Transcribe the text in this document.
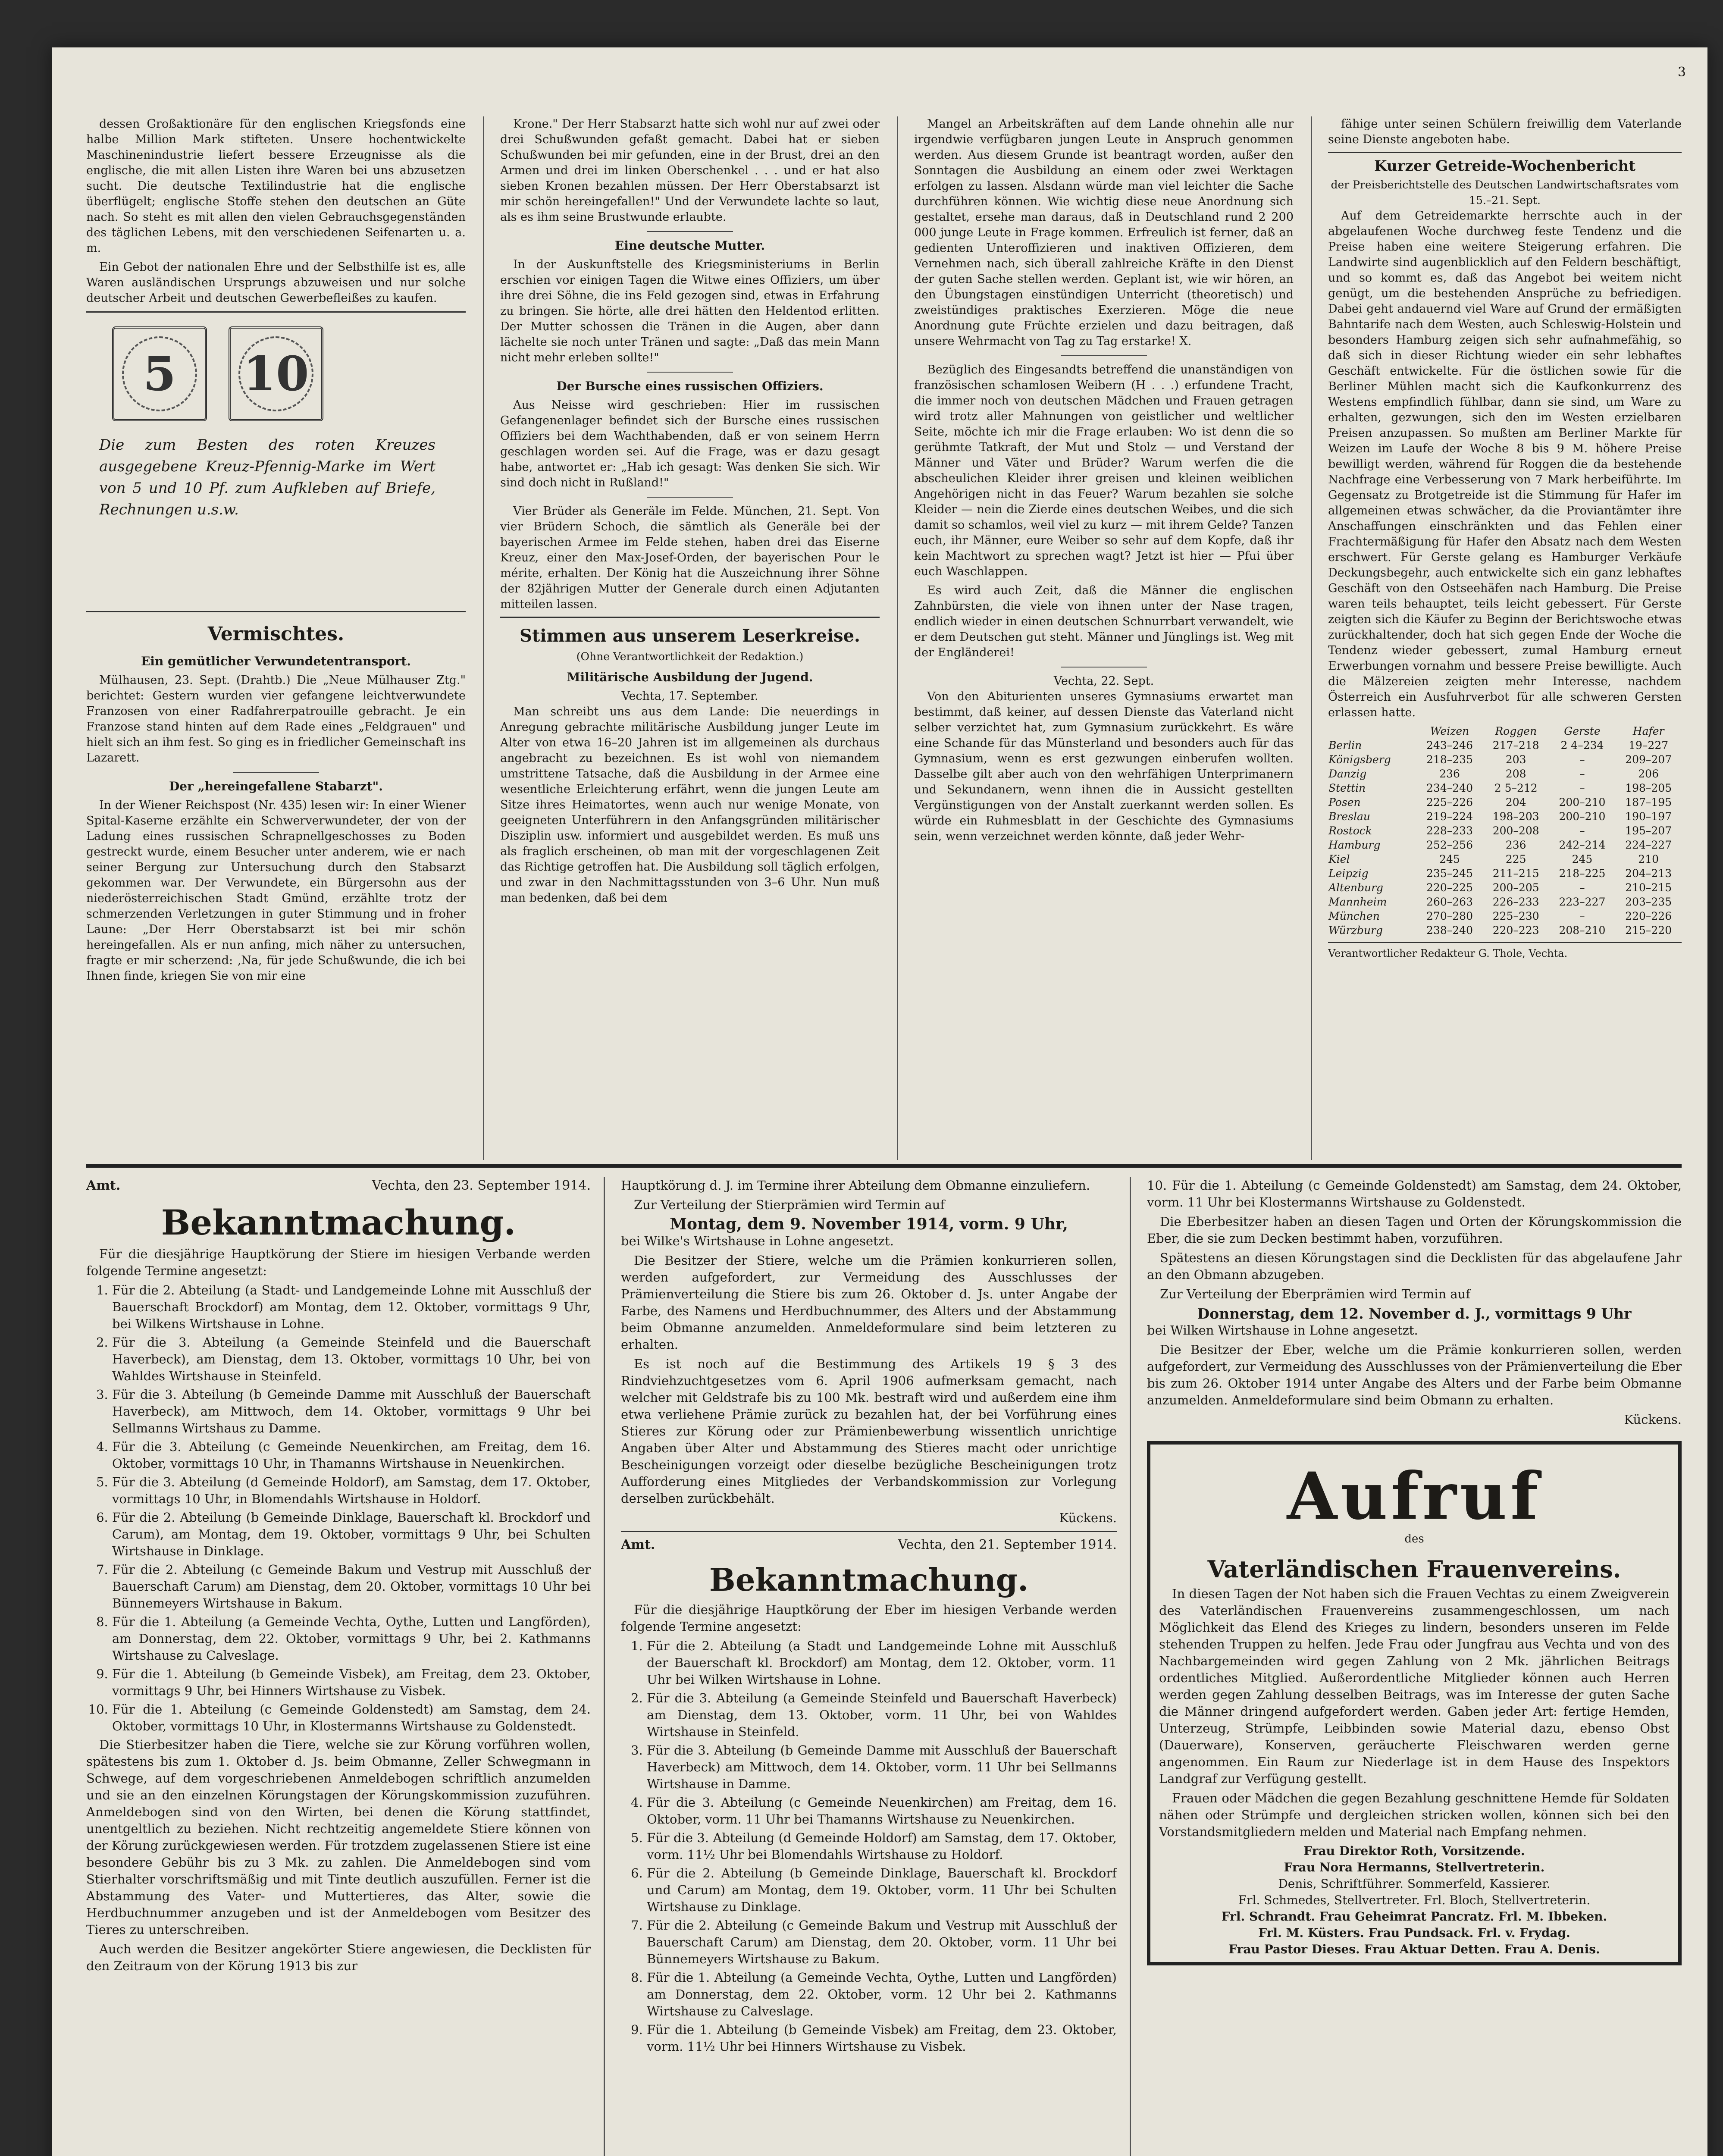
dessen Großaktionäre für den englischen Kriegsfonds eine halbe Million Mark stifteten. Unsere hochentwickelte Maschinenindustrie liefert bessere Erzeugnisse als die englische, die mit allen Listen ihre Waren bei uns abzusetzen sucht. Die deutsche Textilindustrie hat die englische überflügelt; englische Stoffe stehen den deutschen an Güte nach. So steht es mit allen den vielen Gebrauchsgegenständen des täglichen Lebens, mit den verschiedenen Seifenarten u. a. m.

Ein Gebot der nationalen Ehre und der Selbsthilfe ist es, alle Waren ausländischen Ursprungs abzuweisen und nur solche deutscher Arbeit und deutschen Gewerbefleißes zu kaufen.

5 10
Die zum Besten des roten Kreuzes ausgegebene Kreuz-Pfennig-Marke im Wert von 5 und 10 Pf. zum Aufkleben auf Briefe, Rechnungen u.s.w.
Vermischtes.
Ein gemütlicher Verwundetentransport.

Mülhausen, 23. Sept. (Drahtb.) Die „Neue Mülhauser Ztg." berichtet: Gestern wurden vier gefangene leichtverwundete Franzosen von einer Radfahrerpatrouille gebracht. Je ein Franzose stand hinten auf dem Rade eines „Feldgrauen" und hielt sich an ihm fest. So ging es in friedlicher Gemeinschaft ins Lazarett.

Der „hereingefallene Stabarzt".

In der Wiener Reichspost (Nr. 435) lesen wir: In einer Wiener Spital-Kaserne erzählte ein Schwerverwundeter, der von der Ladung eines russischen Schrapnellgeschosses zu Boden gestreckt wurde, einem Besucher unter anderem, wie er nach seiner Bergung zur Untersuchung durch den Stabsarzt gekommen war. Der Verwundete, ein Bürgersohn aus der niederösterreichischen Stadt Gmünd, erzählte trotz der schmerzenden Verletzungen in guter Stimmung und in froher Laune: „Der Herr Oberstabsarzt ist bei mir schön hereingefallen. Als er nun anfing, mich näher zu untersuchen, fragte er mir scherzend: ‚Na, für jede Schußwunde, die ich bei Ihnen finde, kriegen Sie von mir eine

Krone." Der Herr Stabsarzt hatte sich wohl nur auf zwei oder drei Schußwunden gefaßt gemacht. Dabei hat er sieben Schußwunden bei mir gefunden, eine in der Brust, drei an den Armen und drei im linken Oberschenkel . . . und er hat also sieben Kronen bezahlen müssen. Der Herr Oberstabsarzt ist mir schön hereingefallen!" Und der Verwundete lachte so laut, als es ihm seine Brustwunde erlaubte.

Eine deutsche Mutter.

In der Auskunftstelle des Kriegsministeriums in Berlin erschien vor einigen Tagen die Witwe eines Offiziers, um über ihre drei Söhne, die ins Feld gezogen sind, etwas in Erfahrung zu bringen. Sie hörte, alle drei hätten den Heldentod erlitten. Der Mutter schossen die Tränen in die Augen, aber dann lächelte sie noch unter Tränen und sagte: „Daß das mein Mann nicht mehr erleben sollte!"

Der Bursche eines russischen Offiziers.

Aus Neisse wird geschrieben: Hier im russischen Gefangenenlager befindet sich der Bursche eines russischen Offiziers bei dem Wachthabenden, daß er von seinem Herrn geschlagen worden sei. Auf die Frage, was er dazu gesagt habe, antwortet er: „Hab ich gesagt: Was denken Sie sich. Wir sind doch nicht in Rußland!"

Vier Brüder als Generäle im Felde. München, 21. Sept. Von vier Brüdern Schoch, die sämtlich als Generäle bei der bayerischen Armee im Felde stehen, haben drei das Eiserne Kreuz, einer den Max-Josef-Orden, der bayerischen Pour le mérite, erhalten. Der König hat die Auszeichnung ihrer Söhne der 82jährigen Mutter der Generale durch einen Adjutanten mitteilen lassen.

Stimmen aus unserem Leserkreise.
(Ohne Verantwortlichkeit der Redaktion.)
Militärische Ausbildung der Jugend.
Vechta, 17. September.

Man schreibt uns aus dem Lande: Die neuerdings in Anregung gebrachte militärische Ausbildung junger Leute im Alter von etwa 16–20 Jahren ist im allgemeinen als durchaus angebracht zu bezeichnen. Es ist wohl von niemandem umstrittene Tatsache, daß die Ausbildung in der Armee eine wesentliche Erleichterung erfährt, wenn die jungen Leute am Sitze ihres Heimatortes, wenn auch nur wenige Monate, von geeigneten Unterführern in den Anfangsgründen militärischer Disziplin usw. informiert und ausgebildet werden. Es muß uns als fraglich erscheinen, ob man mit der vorgeschlagenen Zeit das Richtige getroffen hat. Die Ausbildung soll täglich erfolgen, und zwar in den Nachmittagsstunden von 3–6 Uhr. Nun muß man bedenken, daß bei dem

Mangel an Arbeitskräften auf dem Lande ohnehin alle nur irgendwie verfügbaren jungen Leute in Anspruch genommen werden. Aus diesem Grunde ist beantragt worden, außer den Sonntagen die Ausbildung an einem oder zwei Werktagen erfolgen zu lassen. Alsdann würde man viel leichter die Sache durchführen können. Wie wichtig diese neue Anordnung sich gestaltet, ersehe man daraus, daß in Deutschland rund 2 200 000 junge Leute in Frage kommen. Erfreulich ist ferner, daß an gedienten Unteroffizieren und inaktiven Offizieren, dem Vernehmen nach, sich überall zahlreiche Kräfte in den Dienst der guten Sache stellen werden. Geplant ist, wie wir hören, an den Übungstagen einstündigen Unterricht (theoretisch) und zweistündiges praktisches Exerzieren. Möge die neue Anordnung gute Früchte erzielen und dazu beitragen, daß unsere Wehrmacht von Tag zu Tag erstarke! X.

Bezüglich des Eingesandts betreffend die unanständigen von französischen schamlosen Weibern (H . . .) erfundene Tracht, die immer noch von deutschen Mädchen und Frauen getragen wird trotz aller Mahnungen von geistlicher und weltlicher Seite, möchte ich mir die Frage erlauben: Wo ist denn die so gerühmte Tatkraft, der Mut und Stolz — und Verstand der Männer und Väter und Brüder? Warum werfen die die abscheulichen Kleider ihrer greisen und kleinen weiblichen Angehörigen nicht in das Feuer? Warum bezahlen sie solche Kleider — nein die Zierde eines deutschen Weibes, und die sich damit so schamlos, weil viel zu kurz — mit ihrem Gelde? Tanzen euch, ihr Männer, eure Weiber so sehr auf dem Kopfe, daß ihr kein Machtwort zu sprechen wagt? Jetzt ist hier — Pfui über euch Waschlappen.

Es wird auch Zeit, daß die Männer die englischen Zahnbürsten, die viele von ihnen unter der Nase tragen, endlich wieder in einen deutschen Schnurrbart verwandelt, wie er dem Deutschen gut steht. Männer und Jünglings ist. Weg mit der Engländerei!

Vechta, 22. Sept.

Von den Abiturienten unseres Gymnasiums erwartet man bestimmt, daß keiner, auf dessen Dienste das Vaterland nicht selber verzichtet hat, zum Gymnasium zurückkehrt. Es wäre eine Schande für das Münsterland und besonders auch für das Gymnasium, wenn es erst gezwungen einberufen wollten. Dasselbe gilt aber auch von den wehrfähigen Unterprimanern und Sekundanern, wenn ihnen die in Aussicht gestellten Vergünstigungen von der Anstalt zuerkannt werden sollen. Es würde ein Ruhmesblatt in der Geschichte des Gymnasiums sein, wenn verzeichnet werden könnte, daß jeder Wehr-

fähige unter seinen Schülern freiwillig dem Vaterlande seine Dienste angeboten habe.

Kurzer Getreide-Wochenbericht
der Preisberichtstelle des Deutschen Landwirtschaftsrates vom 15.–21. Sept.

Auf dem Getreidemarkte herrschte auch in der abgelaufenen Woche durchweg feste Tendenz und die Preise haben eine weitere Steigerung erfahren. Die Landwirte sind augenblicklich auf den Feldern beschäftigt, und so kommt es, daß das Angebot bei weitem nicht genügt, um die bestehenden Ansprüche zu befriedigen. Dabei geht andauernd viel Ware auf Grund der ermäßigten Bahntarife nach dem Westen, auch Schleswig-Holstein und besonders Hamburg zeigen sich sehr aufnahmefähig, so daß sich in dieser Richtung wieder ein sehr lebhaftes Geschäft entwickelte. Für die östlichen sowie für die Berliner Mühlen macht sich die Kaufkonkurrenz des Westens empfindlich fühlbar, dann sie sind, um Ware zu erhalten, gezwungen, sich den im Westen erzielbaren Preisen anzupassen. So mußten am Berliner Markte für Weizen im Laufe der Woche 8 bis 9 M. höhere Preise bewilligt werden, während für Roggen die da bestehende Nachfrage eine Verbesserung von 7 Mark herbeiführte. Im Gegensatz zu Brotgetreide ist die Stimmung für Hafer im allgemeinen etwas schwächer, da die Proviantämter ihre Anschaffungen einschränkten und das Fehlen einer Frachtermäßigung für Hafer den Absatz nach dem Westen erschwert. Für Gerste gelang es Hamburger Verkäufe Deckungsbegehr, auch entwickelte sich ein ganz lebhaftes Geschäft von den Ostseehäfen nach Hamburg. Die Preise waren teils behauptet, teils leicht gebessert. Für Gerste zeigten sich die Käufer zu Beginn der Berichtswoche etwas zurückhaltender, doch hat sich gegen Ende der Woche die Tendenz wieder gebessert, zumal Hamburg erneut Erwerbungen vornahm und bessere Preise bewilligte. Auch die Mälzereien zeigten mehr Interesse, nachdem Österreich ein Ausfuhrverbot für alle schweren Gersten erlassen hatte.

	Weizen	Roggen	Gerste	Hafer
Berlin	243–246	217–218	2 4–234	19–227
Königsberg	218–235	203	–	209–207
Danzig	236	208	–	206
Stettin	234–240	2 5–212	–	198–205
Posen	225–226	204	200–210	187–195
Breslau	219–224	198–203	200–210	190–197
Rostock	228–233	200–208	–	195–207
Hamburg	252–256	236	242–214	224–227
Kiel	245	225	245	210
Leipzig	235–245	211–215	218–225	204–213
Altenburg	220–225	200–205	–	210–215
Mannheim	260–263	226–233	223–227	203–235
München	270–280	225–230	–	220–226
Würzburg	238–240	220–223	208–210	215–220
Verantwortlicher Redakteur G. Thole, Vechta.
Amt.	Vechta, den 23. September 1914.
Bekanntmachung.

Für die diesjährige Hauptkörung der Stiere im hiesigen Verbande werden folgende Termine angesetzt:

1. Für die 2. Abteilung (a Stadt- und Landgemeinde Lohne mit Ausschluß der Bauerschaft Brockdorf) am Montag, dem 12. Oktober, vormittags 9 Uhr, bei Wilkens Wirtshause in Lohne.
2. Für die 3. Abteilung (a Gemeinde Steinfeld und die Bauerschaft Haverbeck), am Dienstag, dem 13. Oktober, vormittags 10 Uhr, bei von Wahldes Wirtshause in Steinfeld.
3. Für die 3. Abteilung (b Gemeinde Damme mit Ausschluß der Bauerschaft Haverbeck), am Mittwoch, dem 14. Oktober, vormittags 9 Uhr bei Sellmanns Wirtshaus zu Damme.
4. Für die 3. Abteilung (c Gemeinde Neuenkirchen, am Freitag, dem 16. Oktober, vormittags 10 Uhr, in Thamanns Wirtshause in Neuenkirchen.
5. Für die 3. Abteilung (d Gemeinde Holdorf), am Samstag, dem 17. Oktober, vormittags 10 Uhr, in Blomendahls Wirtshause in Holdorf.
6. Für die 2. Abteilung (b Gemeinde Dinklage, Bauerschaft kl. Brockdorf und Carum), am Montag, dem 19. Oktober, vormittags 9 Uhr, bei Schulten Wirtshause in Dinklage.
7. Für die 2. Abteilung (c Gemeinde Bakum und Vestrup mit Ausschluß der Bauerschaft Carum) am Dienstag, dem 20. Oktober, vormittags 10 Uhr bei Bünnemeyers Wirtshause in Bakum.
8. Für die 1. Abteilung (a Gemeinde Vechta, Oythe, Lutten und Langförden), am Donnerstag, dem 22. Oktober, vormittags 9 Uhr, bei 2. Kathmanns Wirtshause zu Calveslage.
9. Für die 1. Abteilung (b Gemeinde Visbek), am Freitag, dem 23. Oktober, vormittags 9 Uhr, bei Hinners Wirtshause zu Visbek.
10. Für die 1. Abteilung (c Gemeinde Goldenstedt) am Samstag, dem 24. Oktober, vormittags 10 Uhr, in Klostermanns Wirtshause zu Goldenstedt.

Die Stierbesitzer haben die Tiere, welche sie zur Körung vorführen wollen, spätestens bis zum 1. Oktober d. Js. beim Obmanne, Zeller Schwegmann in Schwege, auf dem vorgeschriebenen Anmeldebogen schriftlich anzumelden und sie an den einzelnen Körungstagen der Körungskommission zuzuführen. Anmeldebogen sind von den Wirten, bei denen die Körung stattfindet, unentgeltlich zu beziehen. Nicht rechtzeitig angemeldete Stiere können von der Körung zurückgewiesen werden. Für trotzdem zugelassenen Stiere ist eine besondere Gebühr bis zu 3 Mk. zu zahlen. Die Anmeldebogen sind vom Stierhalter vorschriftsmäßig und mit Tinte deutlich auszufüllen. Ferner ist die Abstammung des Vater- und Muttertieres, das Alter, sowie die Herdbuchnummer anzugeben und ist der Anmeldebogen vom Besitzer des Tieres zu unterschreiben.

Auch werden die Besitzer angekörter Stiere angewiesen, die Decklisten für den Zeitraum von der Körung 1913 bis zur

Hauptkörung d. J. im Termine ihrer Abteilung dem Obmanne einzuliefern.

Zur Verteilung der Stierprämien wird Termin auf

Montag, dem 9. November 1914, vorm. 9 Uhr,

bei Wilke's Wirtshause in Lohne angesetzt.

Die Besitzer der Stiere, welche um die Prämien konkurrieren sollen, werden aufgefordert, zur Vermeidung des Ausschlusses der Prämienverteilung die Stiere bis zum 26. Oktober d. Js. unter Angabe der Farbe, des Namens und Herdbuchnummer, des Alters und der Abstammung beim Obmanne anzumelden. Anmeldeformulare sind beim letzteren zu erhalten.

Es ist noch auf die Bestimmung des Artikels 19 § 3 des Rindviehzuchtgesetzes vom 6. April 1906 aufmerksam gemacht, nach welcher mit Geldstrafe bis zu 100 Mk. bestraft wird und außerdem eine ihm etwa verliehene Prämie zurück zu bezahlen hat, der bei Vorführung eines Stieres zur Körung oder zur Prämienbewerbung wissentlich unrichtige Angaben über Alter und Abstammung des Stieres macht oder unrichtige Bescheinigungen vorzeigt oder dieselbe bezügliche Bescheinigungen trotz Aufforderung eines Mitgliedes der Verbandskommission zur Vorlegung derselben zurückbehält.

Kückens.
Amt.	Vechta, den 21. September 1914.
Bekanntmachung.

Für die diesjährige Hauptkörung der Eber im hiesigen Verbande werden folgende Termine angesetzt:

1. Für die 2. Abteilung (a Stadt und Landgemeinde Lohne mit Ausschluß der Bauerschaft kl. Brockdorf) am Montag, dem 12. Oktober, vorm. 11 Uhr bei Wilken Wirtshause in Lohne.
2. Für die 3. Abteilung (a Gemeinde Steinfeld und Bauerschaft Haverbeck) am Dienstag, dem 13. Oktober, vorm. 11 Uhr, bei von Wahldes Wirtshause in Steinfeld.
3. Für die 3. Abteilung (b Gemeinde Damme mit Ausschluß der Bauerschaft Haverbeck) am Mittwoch, dem 14. Oktober, vorm. 11 Uhr bei Sellmanns Wirtshause in Damme.
4. Für die 3. Abteilung (c Gemeinde Neuenkirchen) am Freitag, dem 16. Oktober, vorm. 11 Uhr bei Thamanns Wirtshause zu Neuenkirchen.
5. Für die 3. Abteilung (d Gemeinde Holdorf) am Samstag, dem 17. Oktober, vorm. 11½ Uhr bei Blomendahls Wirtshause zu Holdorf.
6. Für die 2. Abteilung (b Gemeinde Dinklage, Bauerschaft kl. Brockdorf und Carum) am Montag, dem 19. Oktober, vorm. 11 Uhr bei Schulten Wirtshause zu Dinklage.
7. Für die 2. Abteilung (c Gemeinde Bakum und Vestrup mit Ausschluß der Bauerschaft Carum) am Dienstag, dem 20. Oktober, vorm. 11 Uhr bei Bünnemeyers Wirtshause zu Bakum.
8. Für die 1. Abteilung (a Gemeinde Vechta, Oythe, Lutten und Langförden) am Donnerstag, dem 22. Oktober, vorm. 12 Uhr bei 2. Kathmanns Wirtshause zu Calveslage.
9. Für die 1. Abteilung (b Gemeinde Visbek) am Freitag, dem 23. Oktober, vorm. 11½ Uhr bei Hinners Wirtshause zu Visbek.

10. Für die 1. Abteilung (c Gemeinde Goldenstedt) am Samstag, dem 24. Oktober, vorm. 11 Uhr bei Klostermanns Wirtshause zu Goldenstedt.

Die Eberbesitzer haben an diesen Tagen und Orten der Körungskommission die Eber, die sie zum Decken bestimmt haben, vorzuführen.

Spätestens an diesen Körungstagen sind die Decklisten für das abgelaufene Jahr an den Obmann abzugeben.

Zur Verteilung der Eberprämien wird Termin auf

Donnerstag, dem 12. November d. J., vormittags 9 Uhr

bei Wilken Wirtshause in Lohne angesetzt.

Die Besitzer der Eber, welche um die Prämie konkurrieren sollen, werden aufgefordert, zur Vermeidung des Ausschlusses von der Prämienverteilung die Eber bis zum 26. Oktober 1914 unter Angabe des Alters und der Farbe beim Obmanne anzumelden. Anmeldeformulare sind beim Obmann zu erhalten.

Kückens.
Aufruf
des
Vaterländischen Frauenvereins.

In diesen Tagen der Not haben sich die Frauen Vechtas zu einem Zweigverein des Vaterländischen Frauenvereins zusammengeschlossen, um nach Möglichkeit das Elend des Krieges zu lindern, besonders unseren im Felde stehenden Truppen zu helfen. Jede Frau oder Jungfrau aus Vechta und von des Nachbargemeinden wird gegen Zahlung von 2 Mk. jährlichen Beitrags ordentliches Mitglied. Außerordentliche Mitglieder können auch Herren werden gegen Zahlung desselben Beitrags, was im Interesse der guten Sache die Männer dringend aufgefordert werden. Gaben jeder Art: fertige Hemden, Unterzeug, Strümpfe, Leibbinden sowie Material dazu, ebenso Obst (Dauerware), Konserven, geräucherte Fleischwaren werden gerne angenommen. Ein Raum zur Niederlage ist in dem Hause des Inspektors Landgraf zur Verfügung gestellt.

Frauen oder Mädchen die gegen Bezahlung geschnittene Hemde für Soldaten nähen oder Strümpfe und dergleichen stricken wollen, können sich bei den Vorstandsmitgliedern melden und Material nach Empfang nehmen.

Frau Direktor Roth, Vorsitzende.
Frau Nora Hermanns, Stellvertreterin.
Denis, Schriftführer. Sommerfeld, Kassierer.
Frl. Schmedes, Stellvertreter. Frl. Bloch, Stellvertreterin.
Frl. Schrandt. Frau Geheimrat Pancratz. Frl. M. Ibbeken.
Frl. M. Küsters. Frau Pundsack. Frl. v. Frydag.
Frau Pastor Dieses. Frau Aktuar Detten. Frau A. Denis.
3
